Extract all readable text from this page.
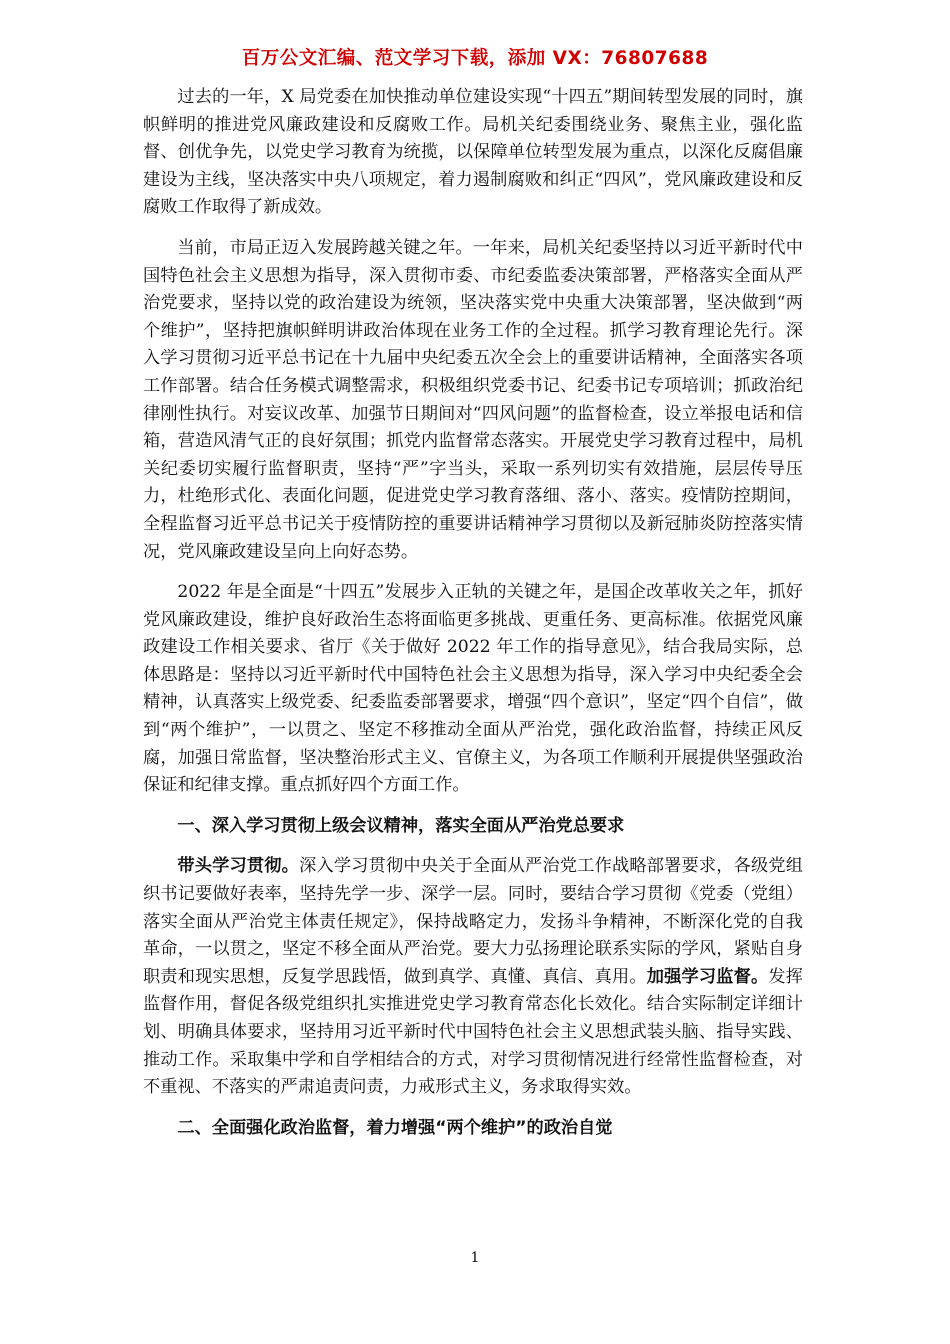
百万公文汇编、范文学习下载，添加 VX：76807688

过去的一年，X 局党委在加快推动单位建设实现“十四五”期间转型发展的同时，旗帜鲜明的推进党风廉政建设和反腐败工作。局机关纪委围绕业务、聚焦主业，强化监督、创优争先，以党史学习教育为统揽，以保障单位转型发展为重点，以深化反腐倡廉建设为主线，坚决落实中央八项规定，着力遏制腐败和纠正“四风”，党风廉政建设和反腐败工作取得了新成效。

当前，市局正迈入发展跨越关键之年。一年来，局机关纪委坚持以习近平新时代中国特色社会主义思想为指导，深入贯彻市委、市纪委监委决策部署，严格落实全面从严治党要求，坚持以党的政治建设为统领，坚决落实党中央重大决策部署，坚决做到“两个维护”，坚持把旗帜鲜明讲政治体现在业务工作的全过程。抓学习教育理论先行。深入学习贯彻习近平总书记在十九届中央纪委五次全会上的重要讲话精神，全面落实各项工作部署。结合任务模式调整需求，积极组织党委书记、纪委书记专项培训；抓政治纪律刚性执行。对妄议改革、加强节日期间对“四风问题”的监督检查，设立举报电话和信箱，营造风清气正的良好氛围；抓党内监督常态落实。开展党史学习教育过程中，局机关纪委切实履行监督职责，坚持“严”字当头，采取一系列切实有效措施，层层传导压力，杜绝形式化、表面化问题，促进党史学习教育落细、落小、落实。疫情防控期间，全程监督习近平总书记关于疫情防控的重要讲话精神学习贯彻以及新冠肺炎防控落实情况，党风廉政建设呈向上向好态势。

2022 年是全面是“十四五”发展步入正轨的关键之年，是国企改革收关之年，抓好党风廉政建设，维护良好政治生态将面临更多挑战、更重任务、更高标准。依据党风廉政建设工作相关要求、省厅《关于做好 2022 年工作的指导意见》，结合我局实际，总体思路是：坚持以习近平新时代中国特色社会主义思想为指导，深入学习中央纪委全会精神，认真落实上级党委、纪委监委部署要求，增强“四个意识”，坚定“四个自信”，做到“两个维护”，一以贯之、坚定不移推动全面从严治党，强化政治监督，持续正风反腐，加强日常监督，坚决整治形式主义、官僚主义，为各项工作顺利开展提供坚强政治保证和纪律支撑。重点抓好四个方面工作。

一、深入学习贯彻上级会议精神，落实全面从严治党总要求

带头学习贯彻。深入学习贯彻中央关于全面从严治党工作战略部署要求，各级党组织书记要做好表率，坚持先学一步、深学一层。同时，要结合学习贯彻《党委（党组）落实全面从严治党主体责任规定》，保持战略定力，发扬斗争精神，不断深化党的自我革命，一以贯之，坚定不移全面从严治党。要大力弘扬理论联系实际的学风，紧贴自身职责和现实思想，反复学思践悟，做到真学、真懂、真信、真用。加强学习监督。发挥监督作用，督促各级党组织扎实推进党史学习教育常态化长效化。结合实际制定详细计划、明确具体要求，坚持用习近平新时代中国特色社会主义思想武装头脑、指导实践、推动工作。采取集中学和自学相结合的方式，对学习贯彻情况进行经常性监督检查，对不重视、不落实的严肃追责问责，力戒形式主义，务求取得实效。

二、全面强化政治监督，着力增强“两个维护”的政治自觉

1
